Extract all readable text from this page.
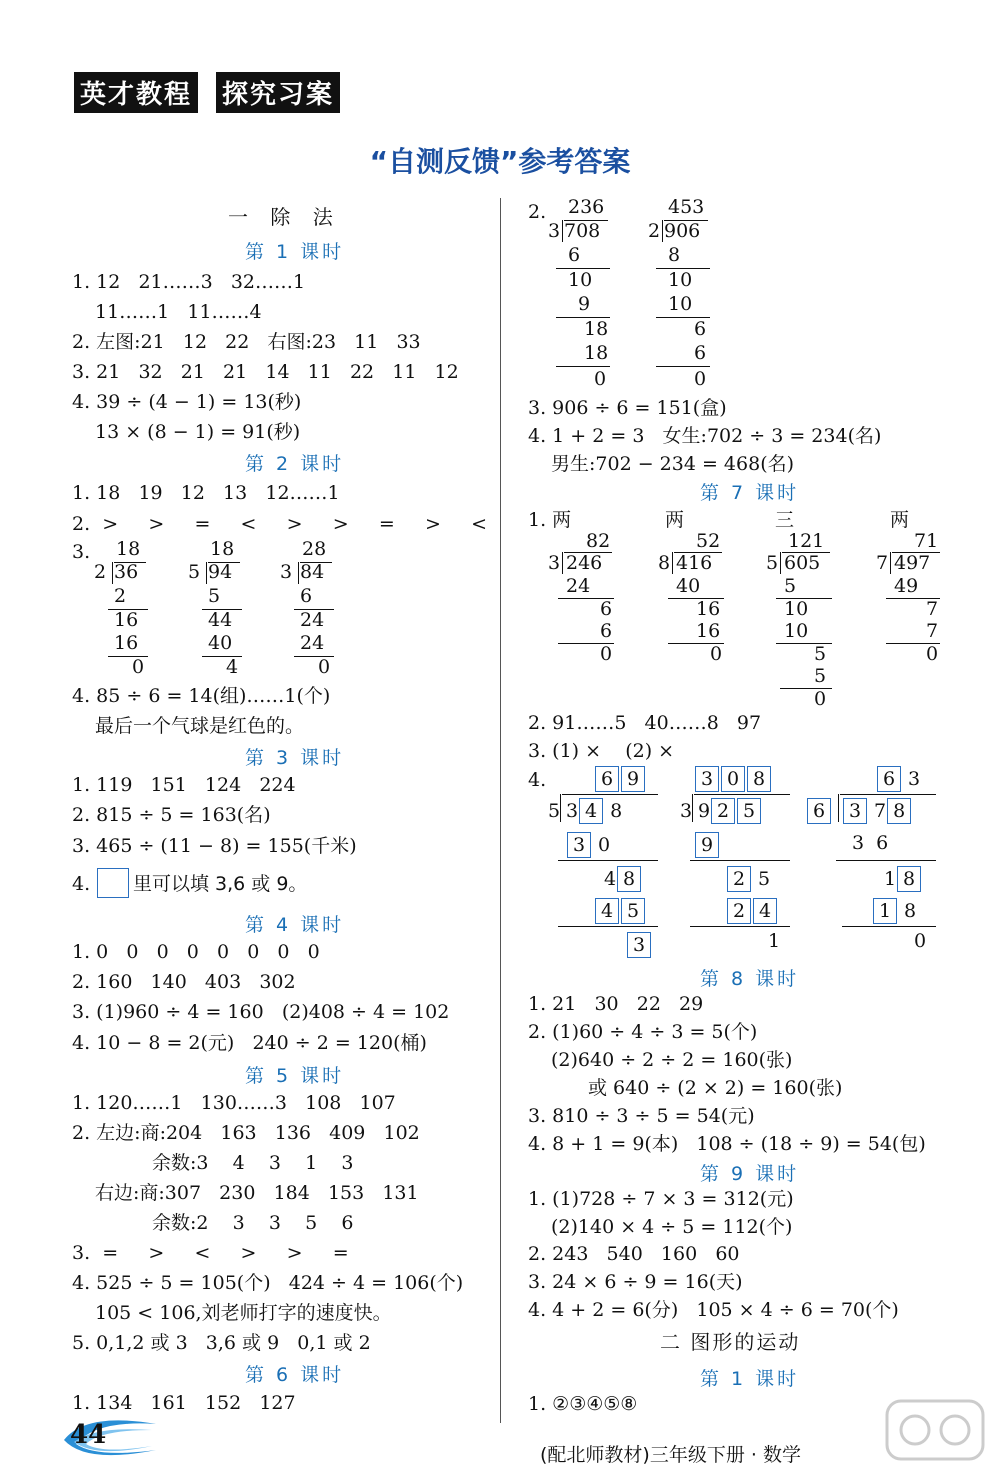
英才教程 探究习案
“自测反馈”参考答案
一 除 法
第 1 课时
1. 12   21……3   32……1
11……1   11……4
2. 左图:21   12   22   右图:23   11   33
3. 21   32   21   21   14   11   22   11   12
4. 39 ÷ (4 − 1) = 13(秒)
13 × (8 − 1) = 91(秒)
第 2 课时
1. 18   19   12   13   12……1
2.  >     >     =     <     >     >     =     >     <
3. 18
2 36
2
16
16
0
18
5 94
5
44
40
4
28
3 84
6
24
24
0
4. 85 ÷ 6 = 14(组)……1(个)
最后一个气球是红色的。
第 3 课时
1. 119   151   124   224
2. 815 ÷ 5 = 163(名)
3. 465 ÷ (11 − 8) = 155(千米)
4. 里可以填 3,6 或 9。
第 4 课时
1. 0   0   0   0   0   0   0   0
2. 160   140   403   302
3. (1)960 ÷ 4 = 160   (2)408 ÷ 4 = 102
4. 10 − 8 = 2(元)   240 ÷ 2 = 120(桶)
第 5 课时
1. 120……1   130……3   108   107
2. 左边:商:204   163   136   409   102
余数:3    4    3    1    3
右边:商:307   230   184   153   131
余数:2    3    3    5    6
3.  =     >     <     >     >     =
4. 525 ÷ 5 = 105(个)   424 ÷ 4 = 106(个)
105 < 106,刘老师打字的速度快。
5. 0,1,2 或 3   3,6 或 9   0,1 或 2
第 6 课时
1. 134   161   152   127
2. 236
3 708
6
10
9
18
18
0
453
2 906
8
10
10
6
6
0
3. 906 ÷ 6 = 151(盒)
4. 1 + 2 = 3   女生:702 ÷ 3 = 234(名)
男生:702 − 234 = 468(名)
第 7 课时
1. 两	两	三	两
82
3 246
24
6
6
0
52
8 416
40
16
16
0
121
5 605
5
10
10
5
5
0
71
7 497
49
7
7
0
2. 91……5   40……8   97
3. (1) ×    (2) ×
4.	6 9
5 3 4 8
3 0
4 8
4 5
3
3 0 8
3 9 2 5
9
2 5
2 4
1
6 3
6	3 7 8
3  6
1 8
1 8
0
第 8 课时
1. 21   30   22   29
2. (1)60 ÷ 4 ÷ 3 = 5(个)
(2)640 ÷ 2 ÷ 2 = 160(张)
或 640 ÷ (2 × 2) = 160(张)
3. 810 ÷ 3 ÷ 5 = 54(元)
4. 8 + 1 = 9(本)   108 ÷ (18 ÷ 9) = 54(包)
第 9 课时
1. (1)728 ÷ 7 × 3 = 312(元)
(2)140 × 4 ÷ 5 = 112(个)
2. 243   540   160   60
3. 24 × 6 ÷ 9 = 16(天)
4. 4 + 2 = 6(分)   105 × 4 ÷ 6 = 70(个)
二 图形的运动
第 1 课时
1. ②③④⑤⑧
44
(配北师教材)三年级下册 · 数学
